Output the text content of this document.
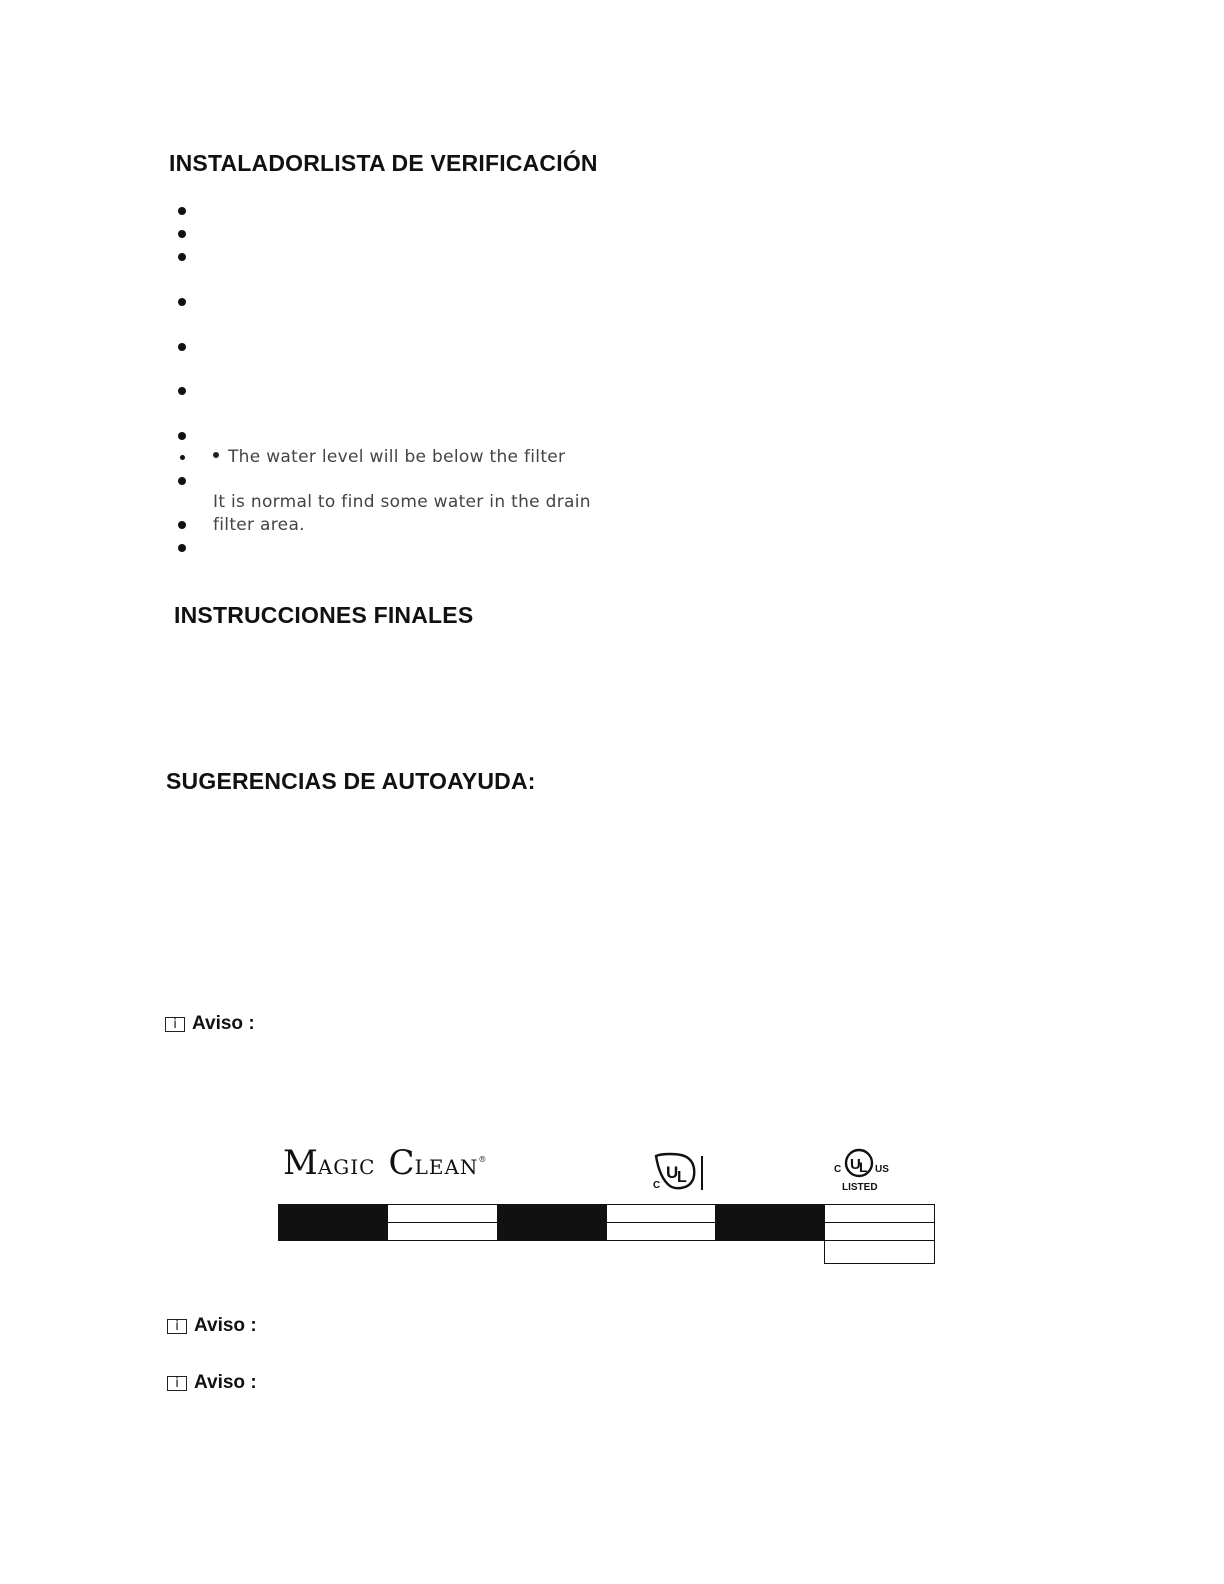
INSTALADORLISTA DE VERIFICACIÓN
INSTRUCCIONES FINALES
SUGERENCIAS DE AUTOAYUDA:
The water level will be below the filter
It is normal to find some water in the drain
filter area.
i Aviso :
i Aviso :
i Aviso :
MAGIC CLEAN®
U
L
C
U
L
C	US
LISTED
